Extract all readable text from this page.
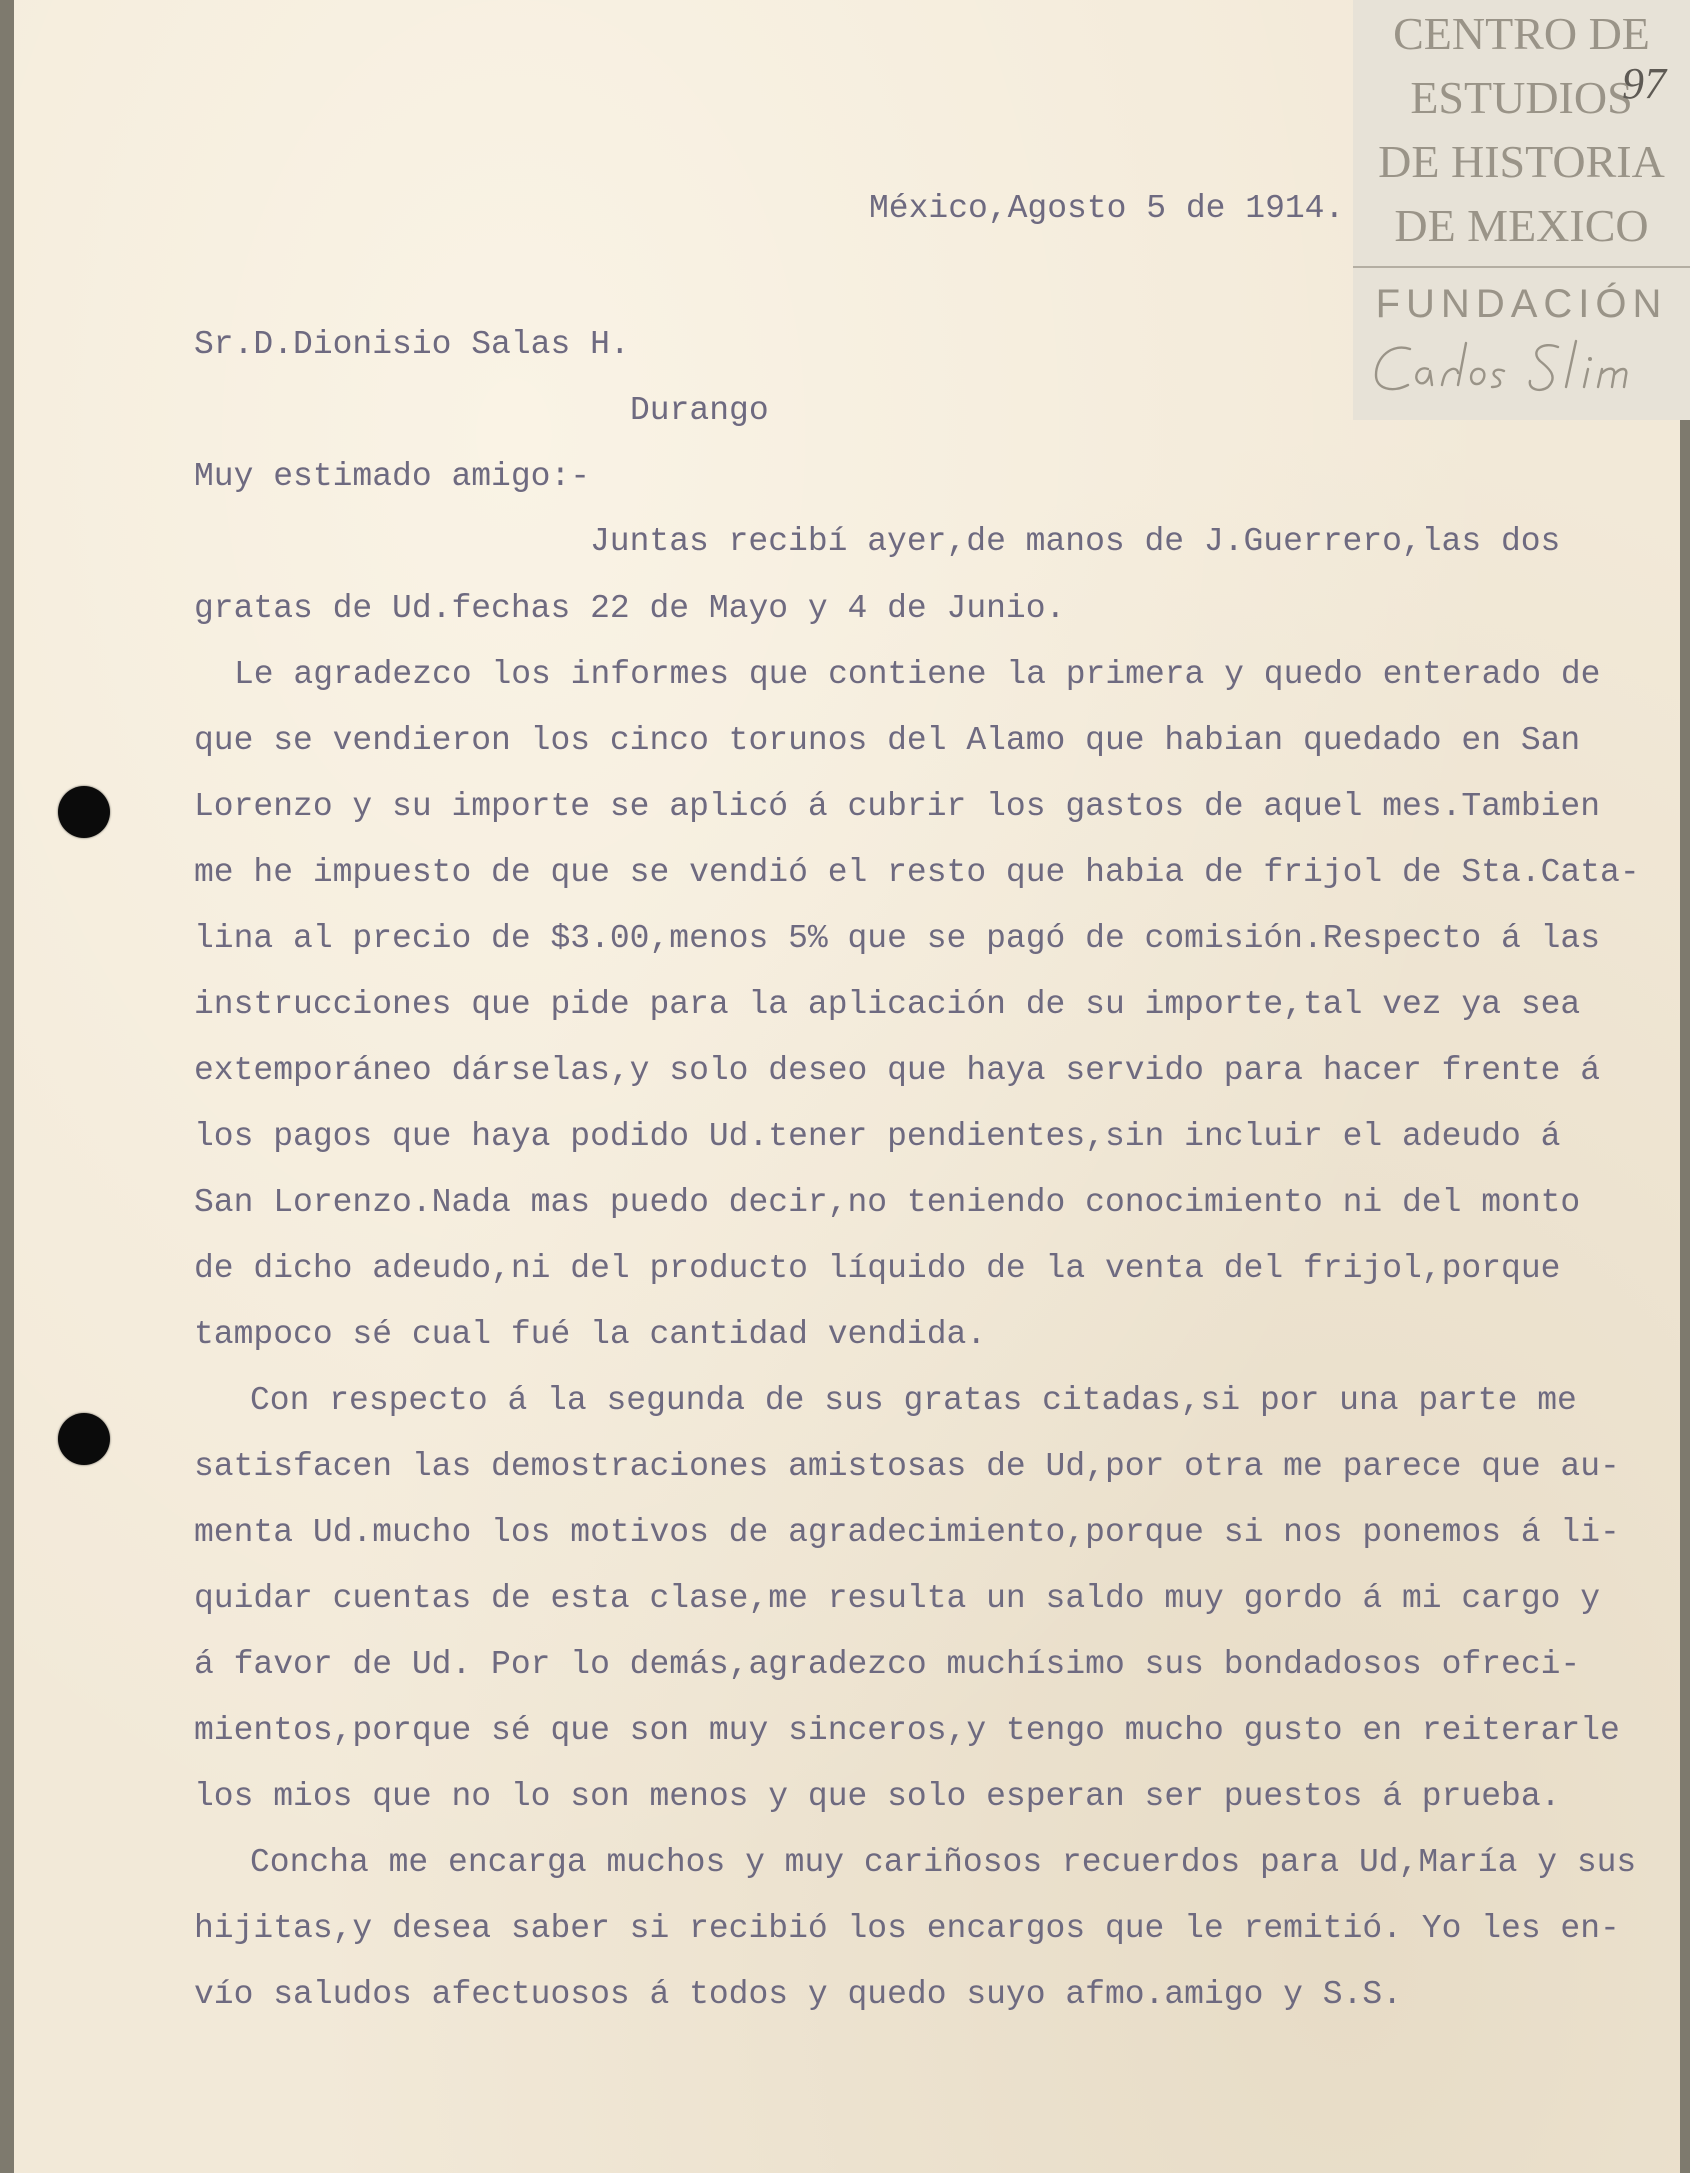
CENTRO DE
ESTUDIOS
DE HISTORIA
DE MEXICO
FUNDACIÓN
97
México,Agosto 5 de 1914.
Sr.D.Dionisio Salas H.
Durango
Muy estimado amigo:-
Juntas recibí ayer,de manos de J.Guerrero,las dos
gratas de Ud.fechas 22 de Mayo y 4 de Junio.
Le agradezco los informes que contiene la primera y quedo enterado de
que se vendieron los cinco torunos del Alamo que habian quedado en San
Lorenzo y su importe se aplicó á cubrir los gastos de aquel mes.Tambien
me he impuesto de que se vendió el resto que habia de frijol de Sta.Cata-
lina al precio de $3.00,menos 5% que se pagó de comisión.Respecto á las
instrucciones que pide para la aplicación de su importe,tal vez ya sea
extemporáneo dárselas,y solo deseo que haya servido para hacer frente á
los pagos que haya podido Ud.tener pendientes,sin incluir el adeudo á
San Lorenzo.Nada mas puedo decir,no teniendo conocimiento ni del monto
de dicho adeudo,ni del producto líquido de la venta del frijol,porque
tampoco sé cual fué la cantidad vendida.
Con respecto á la segunda de sus gratas citadas,si por una parte me
satisfacen las demostraciones amistosas de Ud,por otra me parece que au-
menta Ud.mucho los motivos de agradecimiento,porque si nos ponemos á li-
quidar cuentas de esta clase,me resulta un saldo muy gordo á mi cargo y
á favor de Ud. Por lo demás,agradezco muchísimo sus bondadosos ofreci-
mientos,porque sé que son muy sinceros,y tengo mucho gusto en reiterarle
los mios que no lo son menos y que solo esperan ser puestos á prueba.
Concha me encarga muchos y muy cariñosos recuerdos para Ud,María y sus
hijitas,y desea saber si recibió los encargos que le remitió. Yo les en-
vío saludos afectuosos á todos y quedo suyo afmo.amigo y S.S.
